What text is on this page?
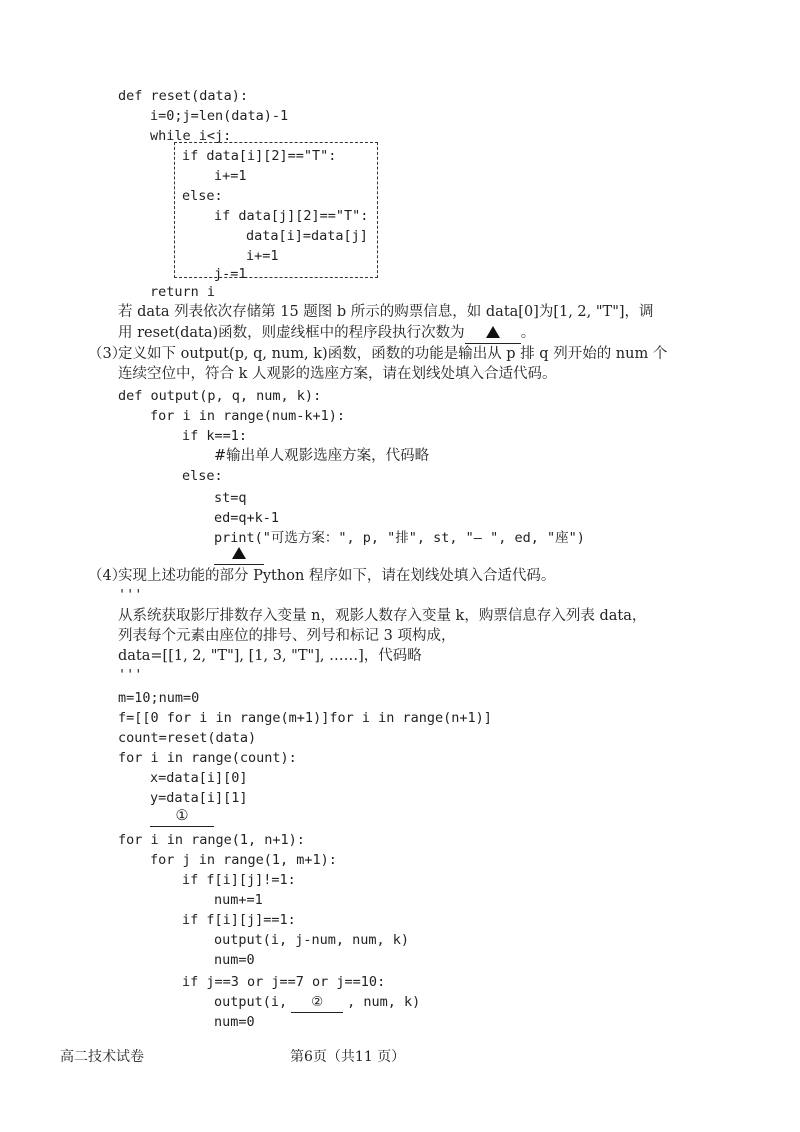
def reset(data):
i=0;j=len(data)-1
while i<j:
if data[i][2]=="T":
i+=1
else:
if data[j][2]=="T":
data[i]=data[j]
i+=1
j-=1
return i
若 data 列表依次存储第 15 题图 b 所示的购票信息，如 data[0]为[1, 2, "T"]，调
用 reset(data)函数，则虚线框中的程序段执行次数为	。
（3）
定义如下 output(p, q, num, k)函数，函数的功能是输出从 p 排 q 列开始的 num 个
连续空位中，符合 k 人观影的选座方案，请在划线处填入合适代码。
def output(p, q, num, k):
for i in range(num-k+1):
if k==1:
#输出单人观影选座方案，代码略
else:
st=q
ed=q+k-1
print("可选方案：", p, "排", st, "— ", ed, "座")
（4）
实现上述功能的部分 Python 程序如下，请在划线处填入合适代码。
'''
从系统获取影厅排数存入变量 n，观影人数存入变量 k，购票信息存入列表 data，
列表每个元素由座位的排号、列号和标记 3 项构成，
data=[[1, 2, "T"], [1, 3, "T"], ……]，代码略
'''
m=10;num=0
f=[[0 for i in range(m+1)]for i in range(n+1)]
count=reset(data)
for i in range(count):
x=data[i][0]
y=data[i][1]
①
for i in range(1, n+1):
for j in range(1, m+1):
if f[i][j]!=1:
num+=1
if f[i][j]==1:
output(i, j-num, num, k)
num=0
if j==3 or j==7 or j==10:
output(i, ② , num, k)
num=0
高二技术试卷	第6页（共11 页）
